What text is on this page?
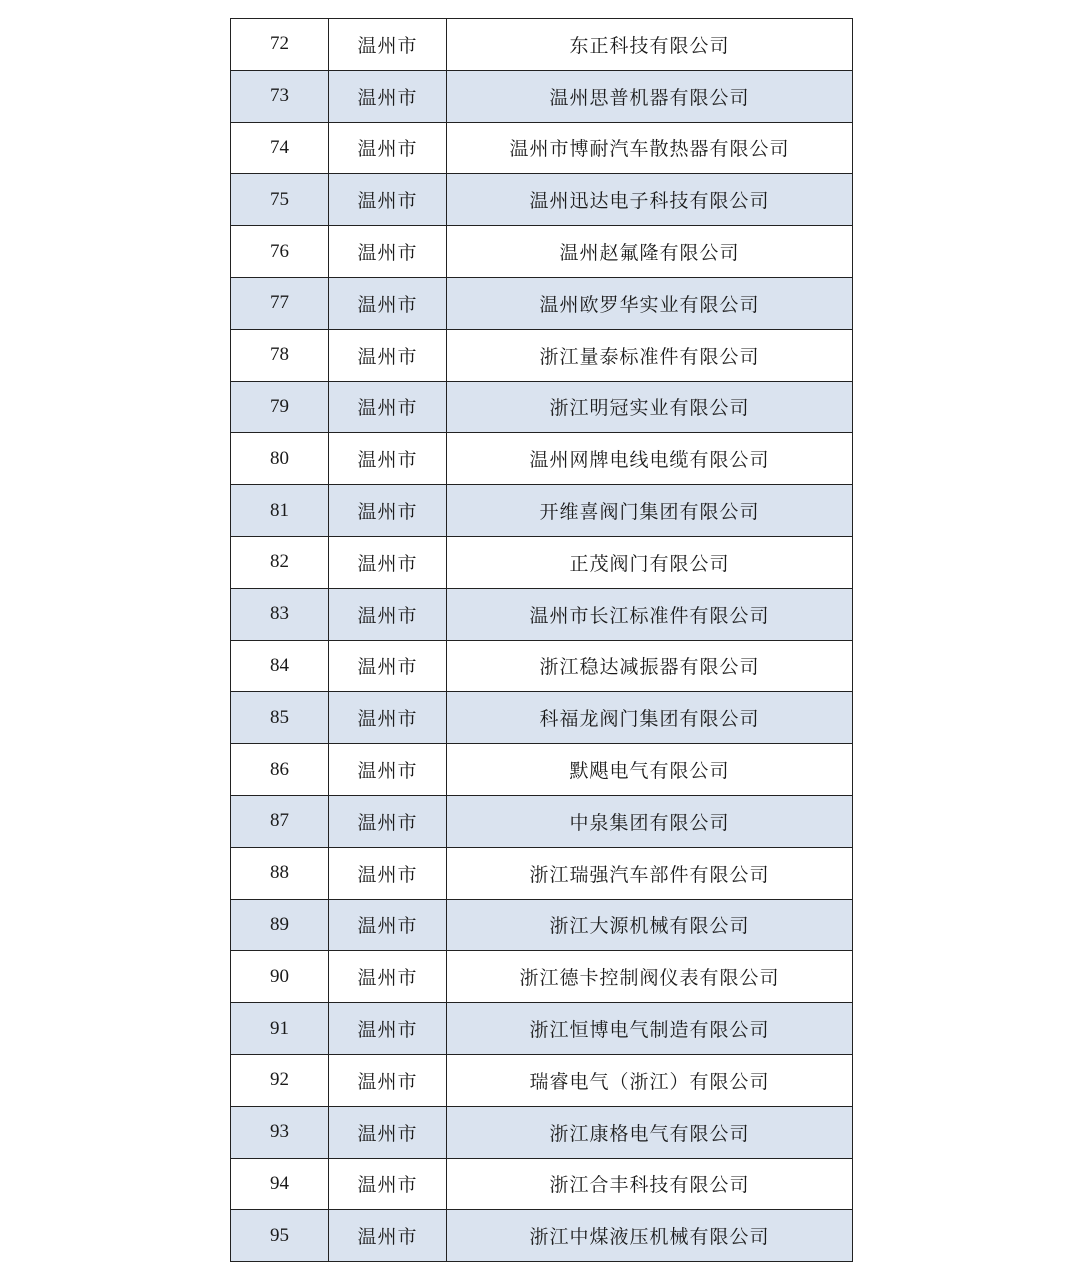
72	温州市	东正科技有限公司
73	温州市	温州思普机器有限公司
74	温州市	温州市博耐汽车散热器有限公司
75	温州市	温州迅达电子科技有限公司
76	温州市	温州赵氟隆有限公司
77	温州市	温州欧罗华实业有限公司
78	温州市	浙江量泰标准件有限公司
79	温州市	浙江明冠实业有限公司
80	温州市	温州网牌电线电缆有限公司
81	温州市	开维喜阀门集团有限公司
82	温州市	正茂阀门有限公司
83	温州市	温州市长江标准件有限公司
84	温州市	浙江稳达减振器有限公司
85	温州市	科福龙阀门集团有限公司
86	温州市	默飓电气有限公司
87	温州市	中泉集团有限公司
88	温州市	浙江瑞强汽车部件有限公司
89	温州市	浙江大源机械有限公司
90	温州市	浙江德卡控制阀仪表有限公司
91	温州市	浙江恒博电气制造有限公司
92	温州市	瑞睿电气（浙江）有限公司
93	温州市	浙江康格电气有限公司
94	温州市	浙江合丰科技有限公司
95	温州市	浙江中煤液压机械有限公司
